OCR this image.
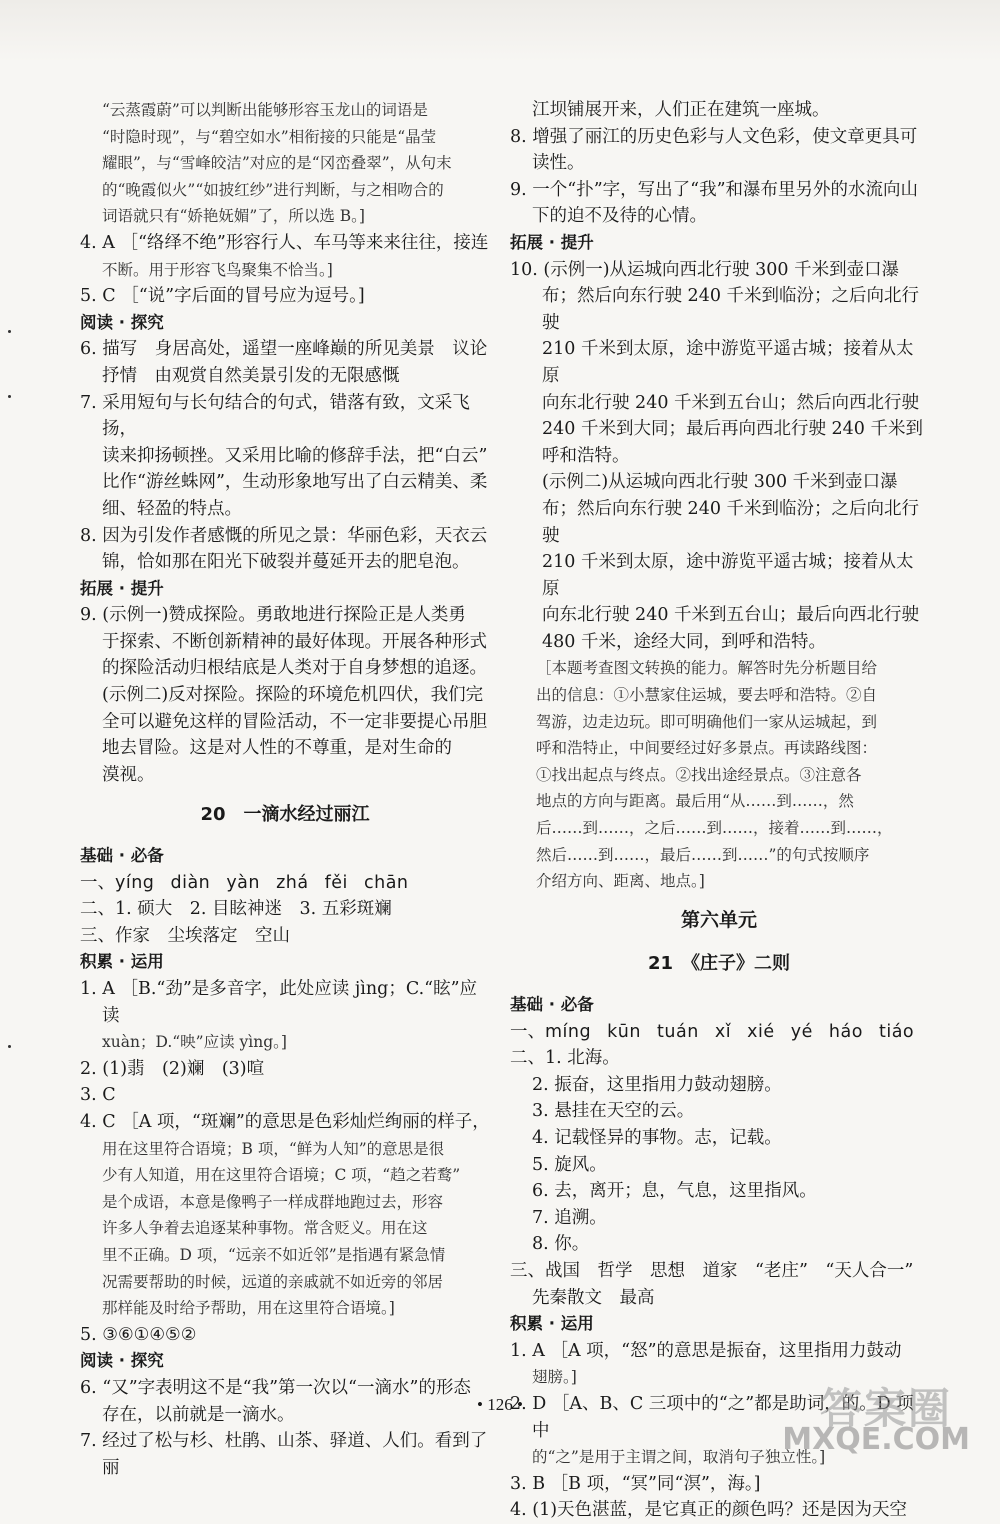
“云蒸霞蔚”可以判断出能够形容玉龙山的词语是
“时隐时现”，与“碧空如水”相衔接的只能是“晶莹
耀眼”，与“雪峰皎洁”对应的是“冈峦叠翠”，从句末
的“晚霞似火”“如披红纱”进行判断，与之相吻合的
词语就只有“娇艳妩媚”了，所以选 B。]

4. A ［“络绎不绝”形容行人、车马等来来往往，接连
不断。用于形容飞鸟聚集不恰当。]

5. C ［“说”字后面的冒号应为逗号。]

阅读 · 探究

6. 描写　身居高处，遥望一座峰巅的所见美景　议论
抒情　由观赏自然美景引发的无限感慨

7. 采用短句与长句结合的句式，错落有致，文采飞扬，
读来抑扬顿挫。又采用比喻的修辞手法，把“白云”
比作“游丝蛛网”，生动形象地写出了白云精美、柔
细、轻盈的特点。

8. 因为引发作者感慨的所见之景：华丽色彩，天衣云
锦，恰如那在阳光下破裂并蔓延开去的肥皂泡。

拓展 · 提升

9. (示例一)赞成探险。勇敢地进行探险正是人类勇
于探索、不断创新精神的最好体现。开展各种形式
的探险活动归根结底是人类对于自身梦想的追逐。
(示例二)反对探险。探险的环境危机四伏，我们完
全可以避免这样的冒险活动，不一定非要提心吊胆
地去冒险。这是对人性的不尊重，是对生命的
漠视。

20　一滴水经过丽江

基础 · 必备

一、yíng diàn yàn zhá fěi chān

二、1. 硕大　2. 目眩神迷　3. 五彩斑斓

三、作家　尘埃落定　空山

积累 · 运用

1. A ［B.“劲”是多音字，此处应读 jìng；C.“眩”应读
xuàn；D.“映”应读 yìng。]

2. (1)翡　(2)斓　(3)喧

3. C

4. C ［A 项，“斑斓”的意思是色彩灿烂绚丽的样子，
用在这里符合语境；B 项，“鲜为人知”的意思是很
少有人知道，用在这里符合语境；C 项，“趋之若鹜”
是个成语，本意是像鸭子一样成群地跑过去，形容
许多人争着去追逐某种事物。常含贬义。用在这
里不正确。D 项，“远亲不如近邻”是指遇有紧急情
况需要帮助的时候，远道的亲戚就不如近旁的邻居
那样能及时给予帮助，用在这里符合语境。]

5. ③⑥①④⑤②

阅读 · 探究

6. “又”字表明这不是“我”第一次以“一滴水”的形态
存在，以前就是一滴水。

7. 经过了松与杉、杜鹃、山茶、驿道、人们。看到了丽

江坝铺展开来，人们正在建筑一座城。

8. 增强了丽江的历史色彩与人文色彩，使文章更具可
读性。

9. 一个“扑”字，写出了“我”和瀑布里另外的水流向山
下的迫不及待的心情。

拓展 · 提升

10. (示例一)从运城向西北行驶 300 千米到壶口瀑
布；然后向东行驶 240 千米到临汾；之后向北行驶
210 千米到太原，途中游览平遥古城；接着从太原
向东北行驶 240 千米到五台山；然后向西北行驶
240 千米到大同；最后再向西北行驶 240 千米到
呼和浩特。
(示例二)从运城向西北行驶 300 千米到壶口瀑
布；然后向东行驶 240 千米到临汾；之后向北行驶
210 千米到太原，途中游览平遥古城；接着从太原
向东北行驶 240 千米到五台山；最后向西北行驶
480 千米，途经大同，到呼和浩特。

［本题考查图文转换的能力。解答时先分析题目给
出的信息：①小慧家住运城，要去呼和浩特。②自
驾游，边走边玩。即可明确他们一家从运城起，到
呼和浩特止，中间要经过好多景点。再读路线图：
①找出起点与终点。②找出途经景点。③注意各
地点的方向与距离。最后用“从……到……，然
后……到……，之后……到……，接着……到……，
然后……到……，最后……到……”的句式按顺序
介绍方向、距离、地点。]

第六单元

21　《庄子》二则

基础 · 必备

一、míng kūn tuán xǐ xié yé háo tiáo

二、1. 北海。
2. 振奋，这里指用力鼓动翅膀。
3. 悬挂在天空的云。
4. 记载怪异的事物。志，记载。
5. 旋风。
6. 去，离开；息，气息，这里指风。
7. 追溯。
8. 你。

三、战国　哲学　思想　道家　“老庄”　“天人合一”
先秦散文　最高

积累 · 运用

1. A ［A 项，“怒”的意思是振奋，这里指用力鼓动
翅膀。]

2. D ［A、B、C 三项中的“之”都是助词，的。D 项中
的“之”是用于主谓之间，取消句子独立性。]

3. B ［B 项，“冥”同“溟”，海。]

4. (1)天色湛蓝，是它真正的颜色吗？还是因为天空

• 126 •	答案圈
MXQE.COM
